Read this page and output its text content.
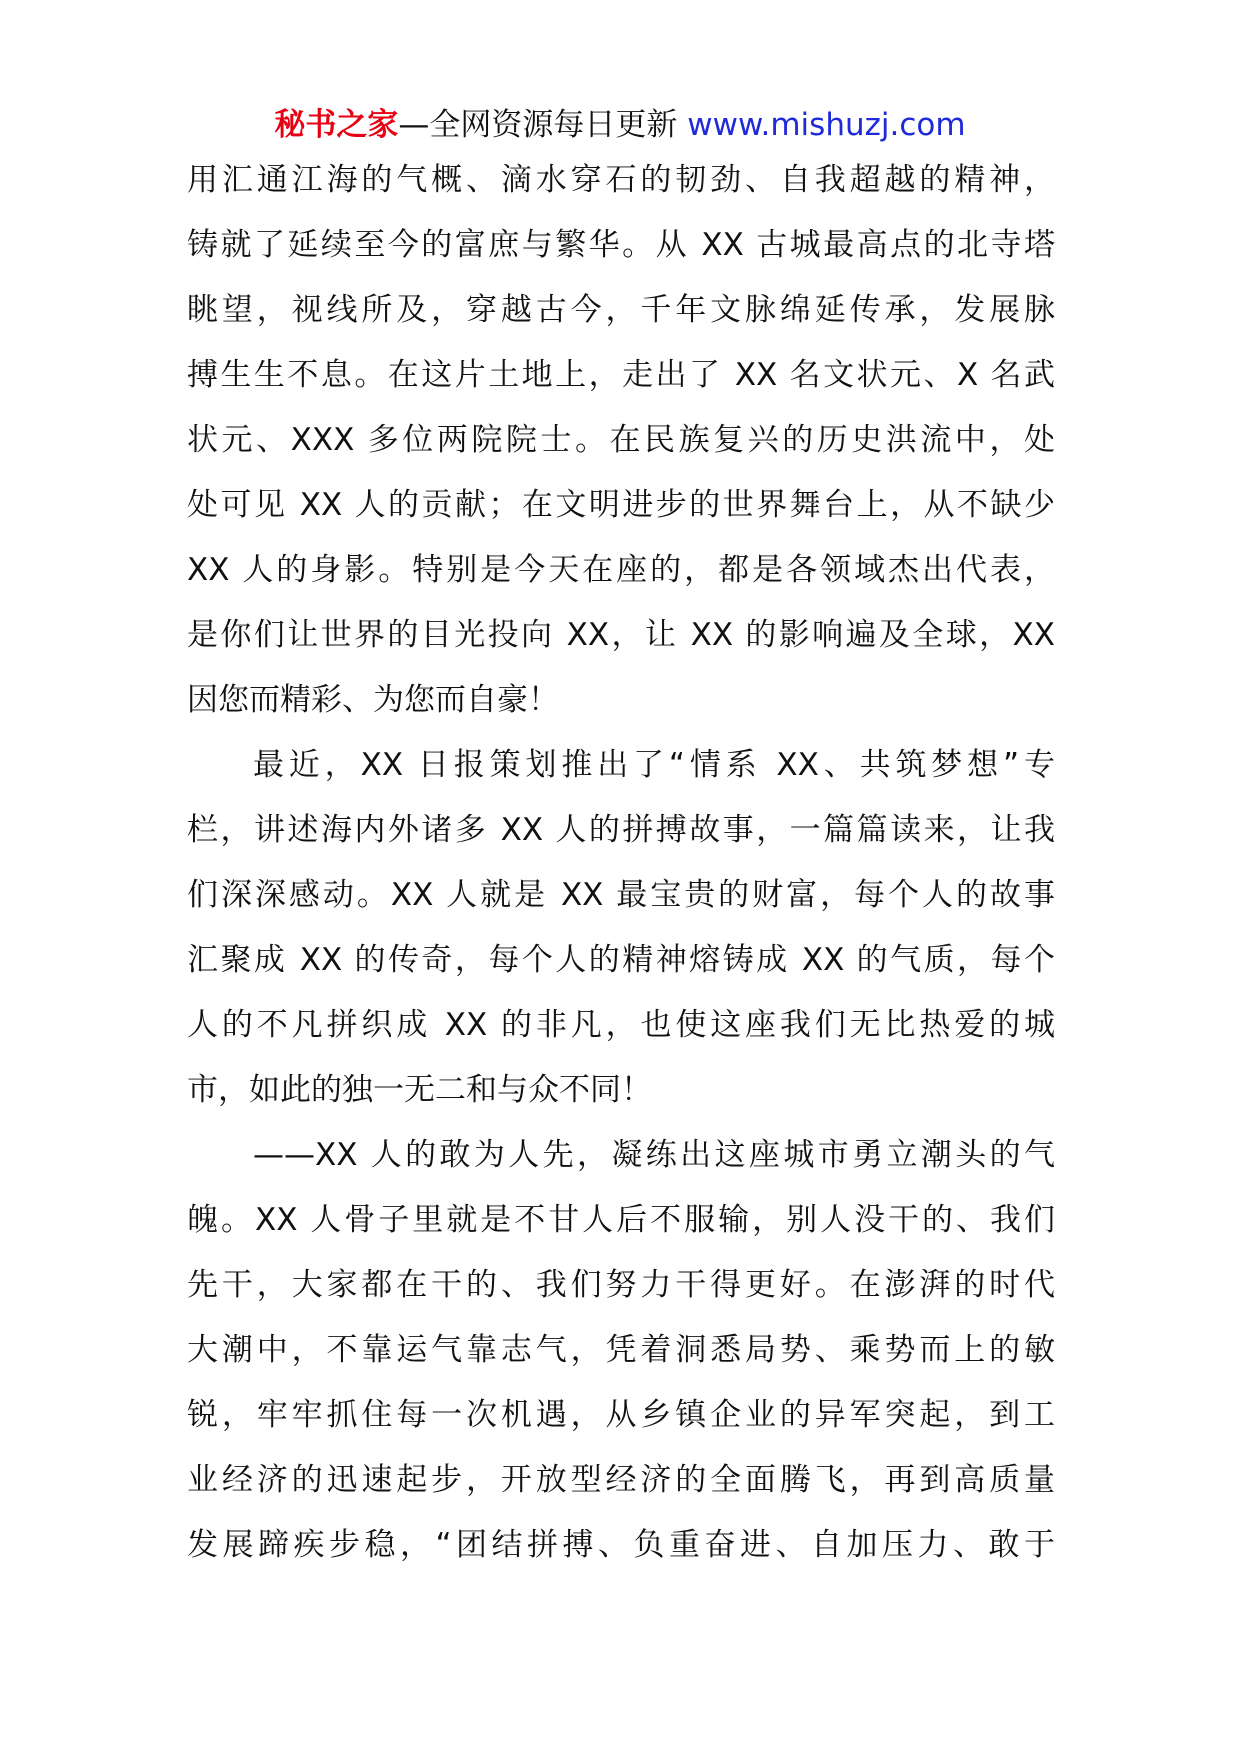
秘书之家—全网资源每日更新 www.mishuzj.com
用汇通江海的气概、滴水穿石的韧劲、自我超越的精神，
铸就了延续至今的富庶与繁华。从 XX 古城最高点的北寺塔
眺望，视线所及，穿越古今，千年文脉绵延传承，发展脉
搏生生不息。在这片土地上，走出了 XX 名文状元、X 名武
状元、XXX 多位两院院士。在民族复兴的历史洪流中，处
处可见 XX 人的贡献；在文明进步的世界舞台上，从不缺少
XX 人的身影。特别是今天在座的，都是各领域杰出代表，
是你们让世界的目光投向 XX，让 XX 的影响遍及全球，XX
因您而精彩、为您而自豪！
最近，XX 日报策划推出了“情系 XX、共筑梦想”专
栏，讲述海内外诸多 XX 人的拼搏故事，一篇篇读来，让我
们深深感动。XX 人就是 XX 最宝贵的财富，每个人的故事
汇聚成 XX 的传奇，每个人的精神熔铸成 XX 的气质，每个
人的不凡拼织成 XX 的非凡，也使这座我们无比热爱的城
市，如此的独一无二和与众不同！
——XX 人的敢为人先，凝练出这座城市勇立潮头的气
魄。XX 人骨子里就是不甘人后不服输，别人没干的、我们
先干，大家都在干的、我们努力干得更好。在澎湃的时代
大潮中，不靠运气靠志气，凭着洞悉局势、乘势而上的敏
锐，牢牢抓住每一次机遇，从乡镇企业的异军突起，到工
业经济的迅速起步，开放型经济的全面腾飞，再到高质量
发展蹄疾步稳，“团结拼搏、负重奋进、自加压力、敢于
